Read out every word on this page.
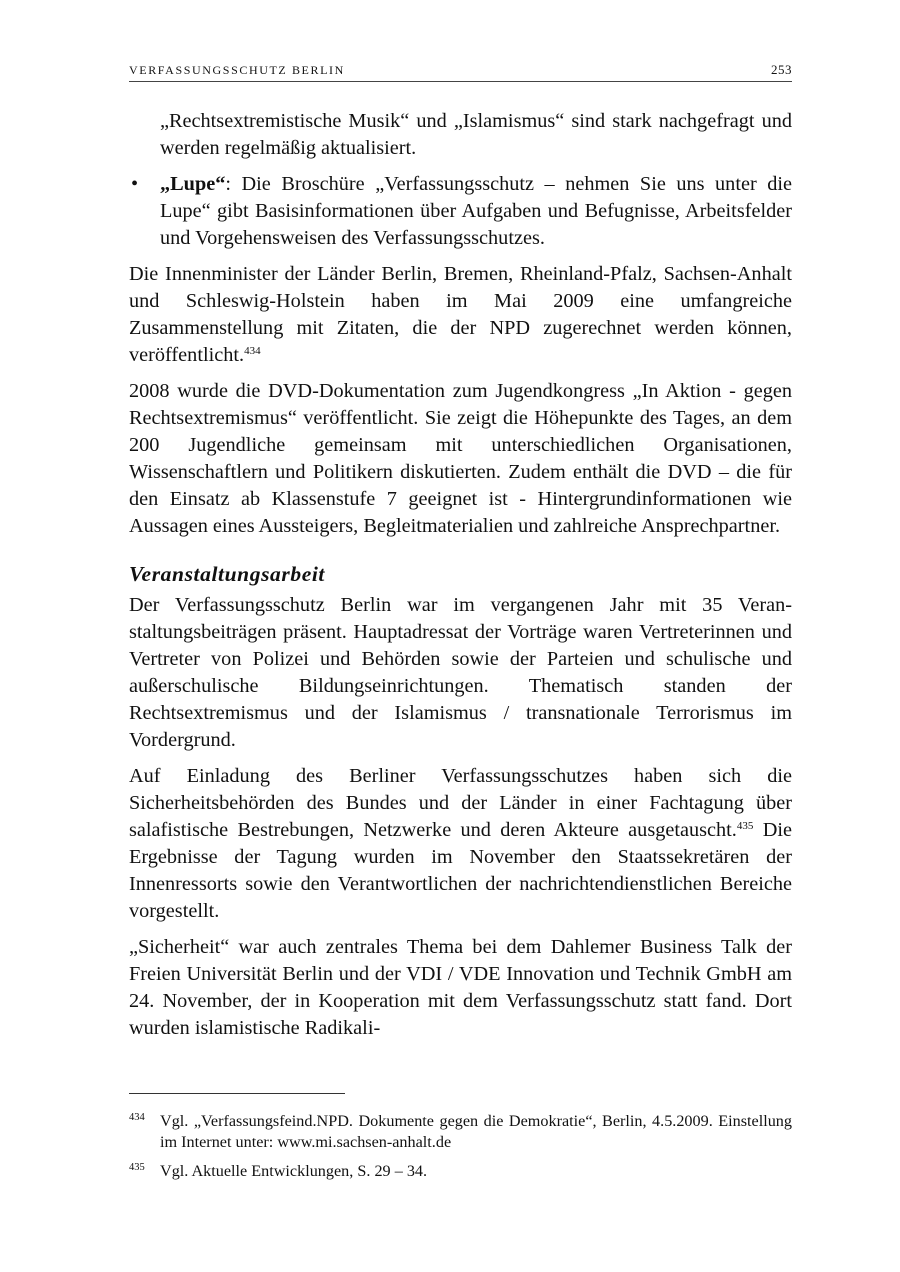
VERFASSUNGSSCHUTZ BERLIN	253

„Rechtsextremistische Musik“ und „Islamismus“ sind stark nachgefragt und werden regelmäßig aktualisiert.

•	„Lupe“: Die Broschüre „Verfassungsschutz – nehmen Sie uns unter die Lupe“ gibt Basisinformationen über Aufgaben und Befugnisse, Arbeitsfelder und Vorgehensweisen des Verfassungsschutzes.

Die Innenminister der Länder Berlin, Bremen, Rheinland-Pfalz, Sachsen-Anhalt und Schleswig-Holstein haben im Mai 2009 eine umfangreiche Zusammenstellung mit Zitaten, die der NPD zugerechnet werden können, veröffentlicht.$^{434}$

2008 wurde die DVD-Dokumentation zum Jugendkongress „In Aktion - gegen Rechtsextremismus“ veröffentlicht. Sie zeigt die Höhepunkte des Tages, an dem 200 Jugendliche gemeinsam mit unterschiedlichen Organisationen, Wissenschaftlern und Politikern diskutierten. Zudem enthält die DVD – die für den Einsatz ab Klassenstufe 7 geeignet ist - Hintergrundinformationen wie Aussagen eines Aussteigers, Begleitmaterialien und zahlreiche Ansprechpartner.

Veranstaltungsarbeit

Der Verfassungsschutz Berlin war im vergangenen Jahr mit 35 Veranstaltungsbeiträgen präsent. Hauptadressat der Vorträge waren Vertreterinnen und Vertreter von Polizei und Behörden sowie der Parteien und schulische und außerschulische Bildungseinrichtungen. Thematisch standen der Rechtsextremismus und der Islamismus / transnationale Terrorismus im Vordergrund.

Auf Einladung des Berliner Verfassungsschutzes haben sich die Sicherheitsbehörden des Bundes und der Länder in einer Fachtagung über salafistische Bestrebungen, Netzwerke und deren Akteure ausgetauscht.$^{435}$ Die Ergebnisse der Tagung wurden im November den Staatssekretären der Innenressorts sowie den Verantwortlichen der nachrichtendienstlichen Bereiche vorgestellt.

„Sicherheit“ war auch zentrales Thema bei dem Dahlemer Business Talk der Freien Universität Berlin und der VDI / VDE Innovation und Technik GmbH am 24. November, der in Kooperation mit dem Verfassungsschutz statt fand. Dort wurden islamistische Radikali-

434 Vgl. „Verfassungsfeind.NPD. Dokumente gegen die Demokratie“, Berlin, 4.5.2009. Einstellung im Internet unter: www.mi.sachsen-anhalt.de
435 Vgl. Aktuelle Entwicklungen, S. 29 – 34.
